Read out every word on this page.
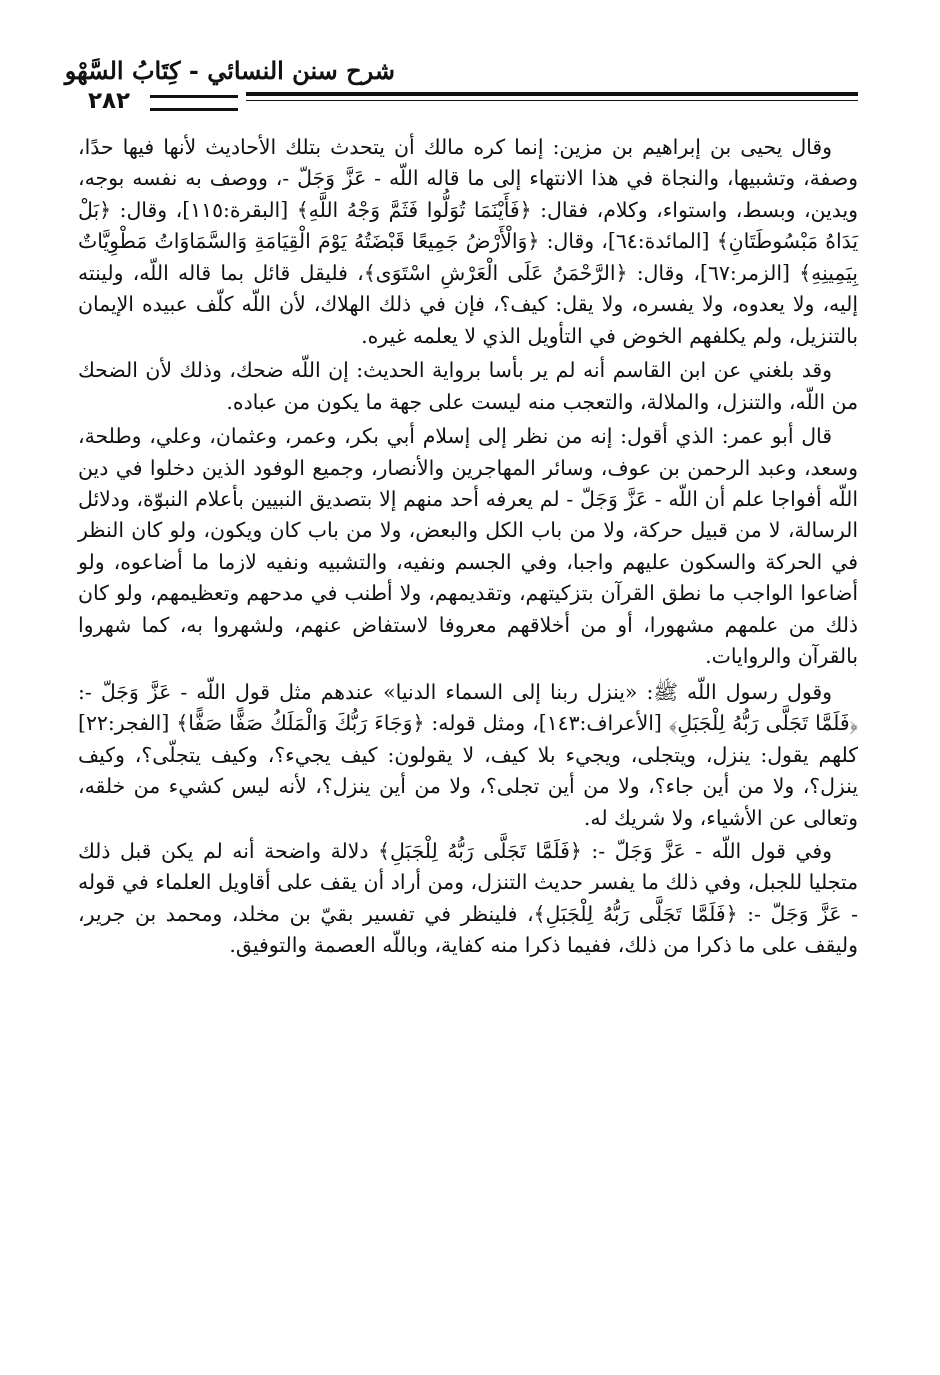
شرح سنن النسائي - كِتَابُ السَّهْو
٢٨٢

وقال يحيى بن إبراهيم بن مزين: إنما كره مالك أن يتحدث بتلك الأحاديث لأنها فيها حدًا، وصفة، وتشبيها، والنجاة في هذا الانتهاء إلى ما قاله اللّه - عَزَّ وَجَلّ -، ووصف به نفسه بوجه، ويدين، وبسط، واستواء، وكلام، فقال: ﴿فَأَيْنَمَا تُوَلُّوا فَثَمَّ وَجْهُ اللَّهِ﴾ [البقرة:١١٥]، وقال: ﴿بَلْ يَدَاهُ مَبْسُوطَتَانِ﴾ [المائدة:٦٤]، وقال: ﴿وَالْأَرْضُ جَمِيعًا قَبْضَتُهُ يَوْمَ الْقِيَامَةِ وَالسَّمَاوَاتُ مَطْوِيَّاتٌ بِيَمِينِهِ﴾ [الزمر:٦٧]، وقال: ﴿الرَّحْمَنُ عَلَى الْعَرْشِ اسْتَوَى﴾، فليقل قائل بما قاله اللّه، ولينته إليه، ولا يعدوه، ولا يفسره، ولا يقل: كيف؟، فإن في ذلك الهلاك، لأن اللّه كلّف عبيده الإيمان بالتنزيل، ولم يكلفهم الخوض في التأويل الذي لا يعلمه غيره.

وقد بلغني عن ابن القاسم أنه لم ير بأسا برواية الحديث: إن اللّه ضحك، وذلك لأن الضحك من اللّه، والتنزل، والملالة، والتعجب منه ليست على جهة ما يكون من عباده.

قال أبو عمر: الذي أقول: إنه من نظر إلى إسلام أبي بكر، وعمر، وعثمان، وعلي، وطلحة، وسعد، وعبد الرحمن بن عوف، وسائر المهاجرين والأنصار، وجميع الوفود الذين دخلوا في دين اللّه أفواجا علم أن اللّه - عَزَّ وَجَلّ - لم يعرفه أحد منهم إلا بتصديق النبيين بأعلام النبوّة، ودلائل الرسالة، لا من قبيل حركة، ولا من باب الكل والبعض، ولا من باب كان ويكون، ولو كان النظر في الحركة والسكون عليهم واجبا، وفي الجسم ونفيه، والتشبيه ونفيه لازما ما أضاعوه، ولو أضاعوا الواجب ما نطق القرآن بتزكيتهم، وتقديمهم، ولا أطنب في مدحهم وتعظيمهم، ولو كان ذلك من علمهم مشهورا، أو من أخلاقهم معروفا لاستفاض عنهم، ولشهروا به، كما شهروا بالقرآن والروايات.

وقول رسول اللّه ﷺ: «ينزل ربنا إلى السماء الدنيا» عندهم مثل قول اللّه - عَزَّ وَجَلّ -: ﴿فَلَمَّا تَجَلَّى رَبُّهُ لِلْجَبَلِ﴾ [الأعراف:١٤٣]، ومثل قوله: ﴿وَجَاءَ رَبُّكَ وَالْمَلَكُ صَفًّا صَفًّا﴾ [الفجر:٢٢] كلهم يقول: ينزل، ويتجلى، ويجيء بلا كيف، لا يقولون: كيف يجيء؟، وكيف يتجلّى؟، وكيف ينزل؟، ولا من أين جاء؟، ولا من أين تجلى؟، ولا من أين ينزل؟، لأنه ليس كشيء من خلقه، وتعالى عن الأشياء، ولا شريك له.

وفي قول اللّه - عَزَّ وَجَلّ -: ﴿فَلَمَّا تَجَلَّى رَبُّهُ لِلْجَبَلِ﴾ دلالة واضحة أنه لم يكن قبل ذلك متجليا للجبل، وفي ذلك ما يفسر حديث التنزل، ومن أراد أن يقف على أقاويل العلماء في قوله - عَزَّ وَجَلّ -: ﴿فَلَمَّا تَجَلَّى رَبُّهُ لِلْجَبَلِ﴾، فلينظر في تفسير بقيّ بن مخلد، ومحمد بن جرير، وليقف على ما ذكرا من ذلك، ففيما ذكرا منه كفاية، وباللّه العصمة والتوفيق.
